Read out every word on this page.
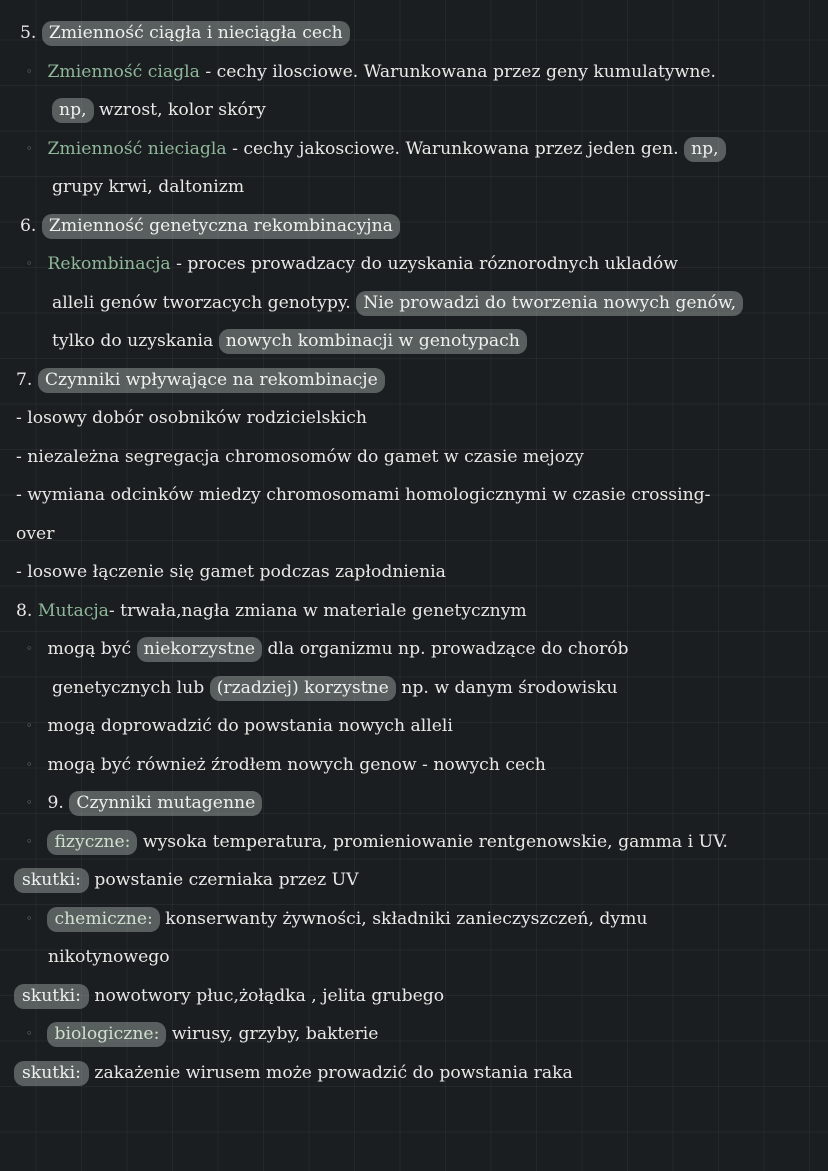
5. Zmienność ciągła i nieciągła cech
◦ Zmienność ciagla - cechy ilosciowe. Warunkowana przez geny kumulatywne.
np, wzrost, kolor skóry
◦ Zmienność nieciagla - cechy jakosciowe. Warunkowana przez jeden gen. np,
grupy krwi, daltonizm
6. Zmienność genetyczna rekombinacyjna
◦ Rekombinacja - proces prowadzacy do uzyskania róznorodnych ukladów
alleli genów tworzacych genotypy. Nie prowadzi do tworzenia nowych genów,
tylko do uzyskania nowych kombinacji w genotypach
7. Czynniki wpływające na rekombinacje
- losowy dobór osobników rodzicielskich
- niezależna segregacja chromosomów do gamet w czasie mejozy
- wymiana odcinków miedzy chromosomami homologicznymi w czasie crossing-
over
- losowe łączenie się gamet podczas zapłodnienia
8. Mutacja- trwała,nagła zmiana w materiale genetycznym
◦ mogą być niekorzystne dla organizmu np. prowadzące do chorób
genetycznych lub (rzadziej) korzystne np. w danym środowisku
◦ mogą doprowadzić do powstania nowych alleli
◦ mogą być również źrodłem nowych genow - nowych cech
◦ 9. Czynniki mutagenne
◦ fizyczne: wysoka temperatura, promieniowanie rentgenowskie, gamma i UV.
skutki: powstanie czerniaka przez UV
◦ chemiczne: konserwanty żywności, składniki zanieczyszczeń, dymu
nikotynowego
skutki: nowotwory płuc,żołądka , jelita grubego
◦ biologiczne: wirusy, grzyby, bakterie
skutki: zakażenie wirusem może prowadzić do powstania raka
